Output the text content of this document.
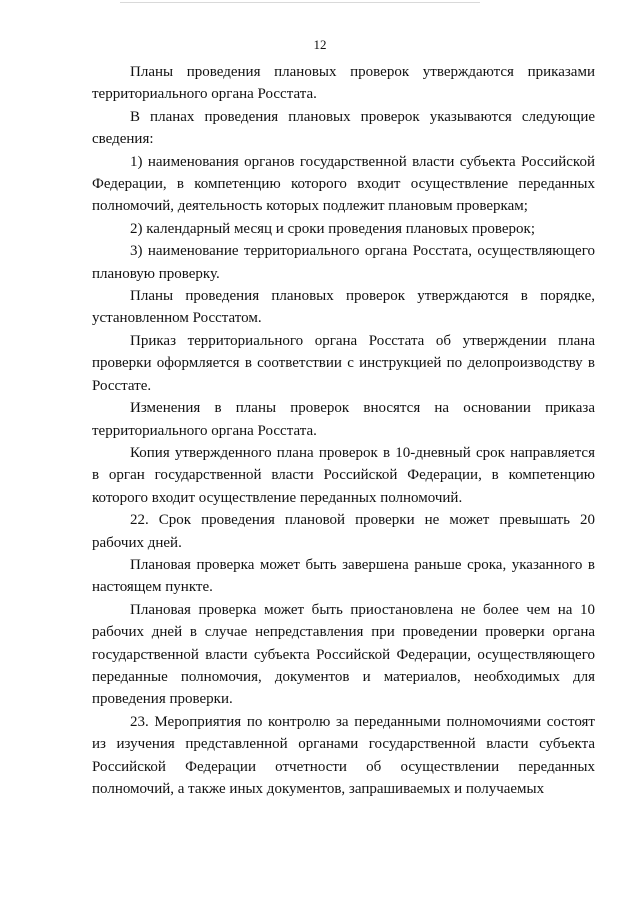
12

Планы проведения плановых проверок утверждаются приказами территориального органа Росстата.

В планах проведения плановых проверок указываются следующие сведения:

1) наименования органов государственной власти субъекта Российской Федерации, в компетенцию которого входит осуществление переданных полномочий, деятельность которых подлежит плановым проверкам;

2) календарный месяц и сроки проведения плановых проверок;

3) наименование территориального органа Росстата, осуществляющего плановую проверку.

Планы проведения плановых проверок утверждаются в порядке, установленном Росстатом.

Приказ территориального органа Росстата об утверждении плана проверки оформляется в соответствии с инструкцией по делопроизводству в Росстате.

Изменения в планы проверок вносятся на основании приказа территориального органа Росстата.

Копия утвержденного плана проверок в 10-дневный срок направляется в орган государственной власти Российской Федерации, в компетенцию которого входит осуществление переданных полномочий.

22. Срок проведения плановой проверки не может превышать 20 рабочих дней.

Плановая проверка может быть завершена раньше срока, указанного в настоящем пункте.

Плановая проверка может быть приостановлена не более чем на 10 рабочих дней в случае непредставления при проведении проверки органа государственной власти субъекта Российской Федерации, осуществляющего переданные полномочия, документов и материалов, необходимых для проведения проверки.

23. Мероприятия по контролю за переданными полномочиями состоят из изучения представленной органами государственной власти субъекта Российской Федерации отчетности об осуществлении переданных полномочий, а также иных документов, запрашиваемых и получаемых
